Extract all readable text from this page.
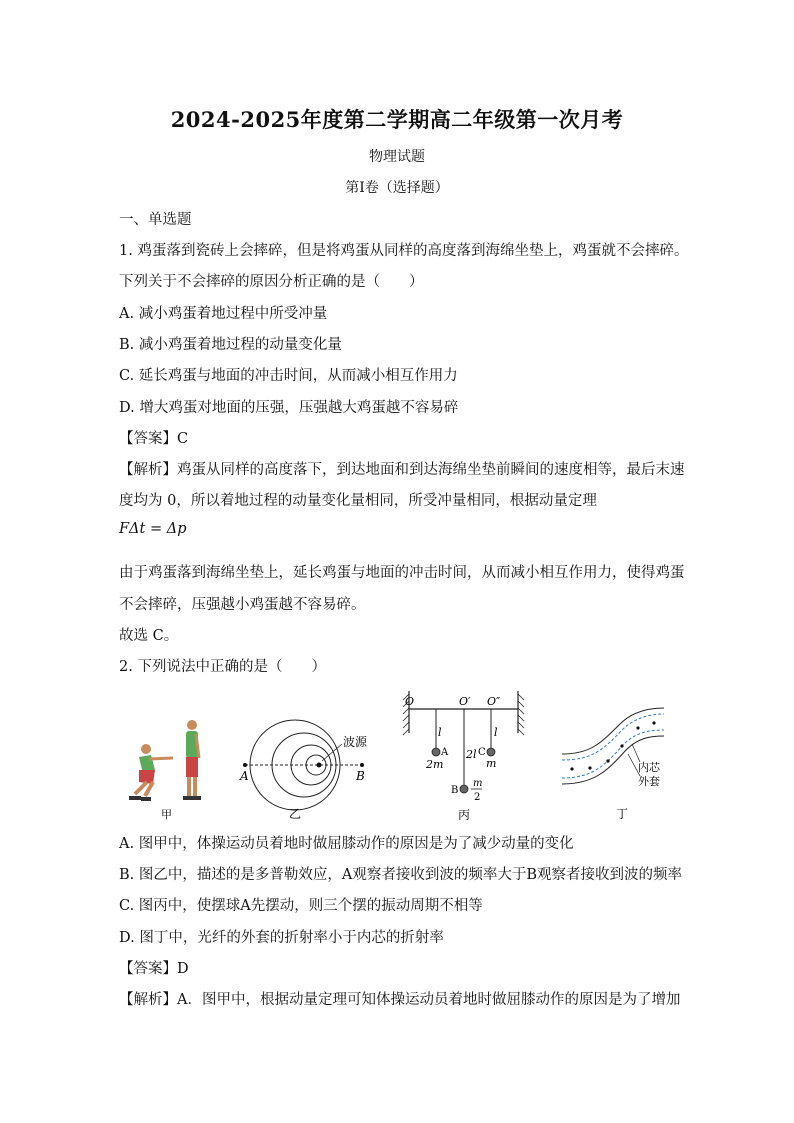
2024-2025年度第二学期高二年级第一次月考
物理试题
第Ⅰ卷（选择题）
一、单选题
1. 鸡蛋落到瓷砖上会摔碎，但是将鸡蛋从同样的高度落到海绵坐垫上，鸡蛋就不会摔碎。
下列关于不会摔碎的原因分析正确的是（　　）
A. 减小鸡蛋着地过程中所受冲量
B. 减小鸡蛋着地过程的动量变化量
C. 延长鸡蛋与地面的冲击时间，从而减小相互作用力
D. 增大鸡蛋对地面的压强，压强越大鸡蛋越不容易碎
【答案】C
【解析】鸡蛋从同样的高度落下，到达地面和到达海绵坐垫前瞬间的速度相等，最后末速
度均为 0，所以着地过程的动量变化量相同，所受冲量相同，根据动量定理
FΔt = Δp
由于鸡蛋落到海绵坐垫上，延长鸡蛋与地面的冲击时间，从而减小相互作用力，使得鸡蛋
不会摔碎，压强越小鸡蛋越不容易碎。
故选 C。
2. 下列说法中正确的是（　　）
甲
波源
A	B
乙
O	O′ O″
l
2l
l
A
2m
B
m
2
C
m
丙
内芯
外套
丁
A. 图甲中，体操运动员着地时做屈膝动作的原因是为了减少动量的变化
B. 图乙中，描述的是多普勒效应，A观察者接收到波的频率大于B观察者接收到波的频率
C. 图丙中，使摆球A先摆动，则三个摆的振动周期不相等
D. 图丁中，光纤的外套的折射率小于内芯的折射率
【答案】D
【解析】A．图甲中，根据动量定理可知体操运动员着地时做屈膝动作的原因是为了增加
